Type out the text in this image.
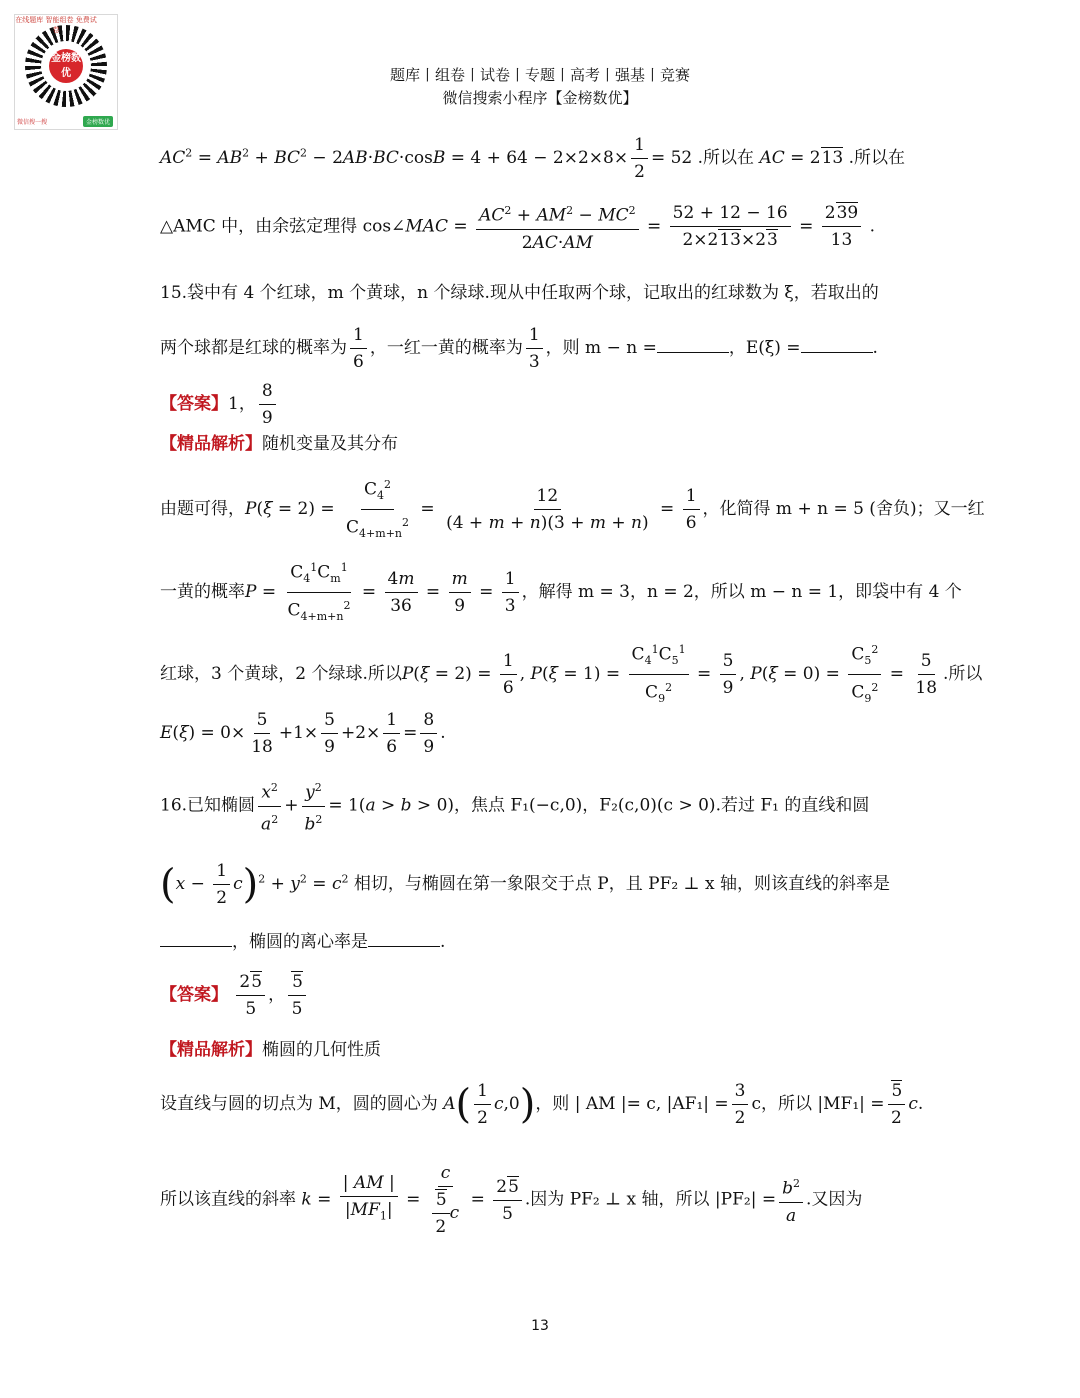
金榜数优
在线题库 智能组卷 免费试卷
微信搜一搜	金榜数优
题库丨组卷丨试卷丨专题丨高考丨强基丨竞赛
微信搜索小程序【金榜数优】
$AC^2 = AB^2 + BC^2 - 2AB\cdot BC\cdot\cos B = 4 + 64 - 2\times 2\times 8\times \frac{1}{2} = 52$ .所以在 AC = 213 .所以在
△AMC 中，由余弦定理得 cos∠MAC = $\frac{AC^2 + AM^2 - MC^2}{2AC\cdot AM} = \frac{52 + 12 - 16}{2\times 213\times 23} = \frac{239}{13}$ .
15.袋中有 4 个红球，m 个黄球，n 个绿球.现从中任取两个球，记取出的红球数为 ξ，若取出的
两个球都是红球的概率为 $\frac{1}{6}$ ，一红一黄的概率为 $\frac{1}{3}$ ，则 m − n =	，E(ξ) =	.
【答案】1， $\frac{8}{9}$
【精品解析】随机变量及其分布
由题可得，$P(\xi = 2) = \frac{C_4^2}{C_{4+m+n}^2} = \frac{12}{(4 + m + n)(3 + m + n)} = \frac{1}{6}$ ，化简得 m + n = 5 (舍负)；又一红
一黄的概率$P = \frac{C_4^1C_m^1}{C_{4+m+n}^2} = \frac{4m}{36} = \frac{m}{9} = \frac{1}{3}$ ，解得 m = 3，n = 2，所以 m − n = 1，即袋中有 4 个
红球，3 个黄球，2 个绿球.所以$P(\xi = 2) = \frac{1}{6}$ , $P(\xi = 1) = \frac{C_4^1C_5^1}{C_9^2} = \frac{5}{9}$ , $P(\xi = 0) = \frac{C_5^2}{C_9^2} = \frac{5}{18}$ .所以
$E(\xi) = 0\times \frac{5}{18} +1\times \frac{5}{9} +2\times \frac{1}{6} = \frac{8}{9}$ .
16.已知椭圆 $\frac{x^2}{a^2} + \frac{y^2}{b^2} = 1(a > b > 0)$，焦点 F₁(−c,0)，F₂(c,0)(c > 0).若过 F₁ 的直线和圆
$(x - \frac{1}{2} c)^2 + y^2 = c^2$ 相切，与椭圆在第一象限交于点 P，且 PF₂ ⊥ x 轴，则该直线的斜率是
，椭圆的离心率是	.
【答案】 $\frac{25}{5}$ ， $\frac{5}{5}$
【精品解析】椭圆的几何性质
设直线与圆的切点为 M，圆的圆心为 $A( \frac{1}{2} c,0)$，则 | AM |= c, $|AF_1| = \frac{3}{2}$ c，所以 $|MF_1| = \frac{5}{2} c$.
所以该直线的斜率 $k = \frac{| AM |}{|MF_1|} = \frac{c}{\frac{5}{2} c} = \frac{25}{5}$ .因为 PF₂ ⊥ x 轴，所以 $|PF_2| = \frac{b^2}{a}$ .又因为
13
